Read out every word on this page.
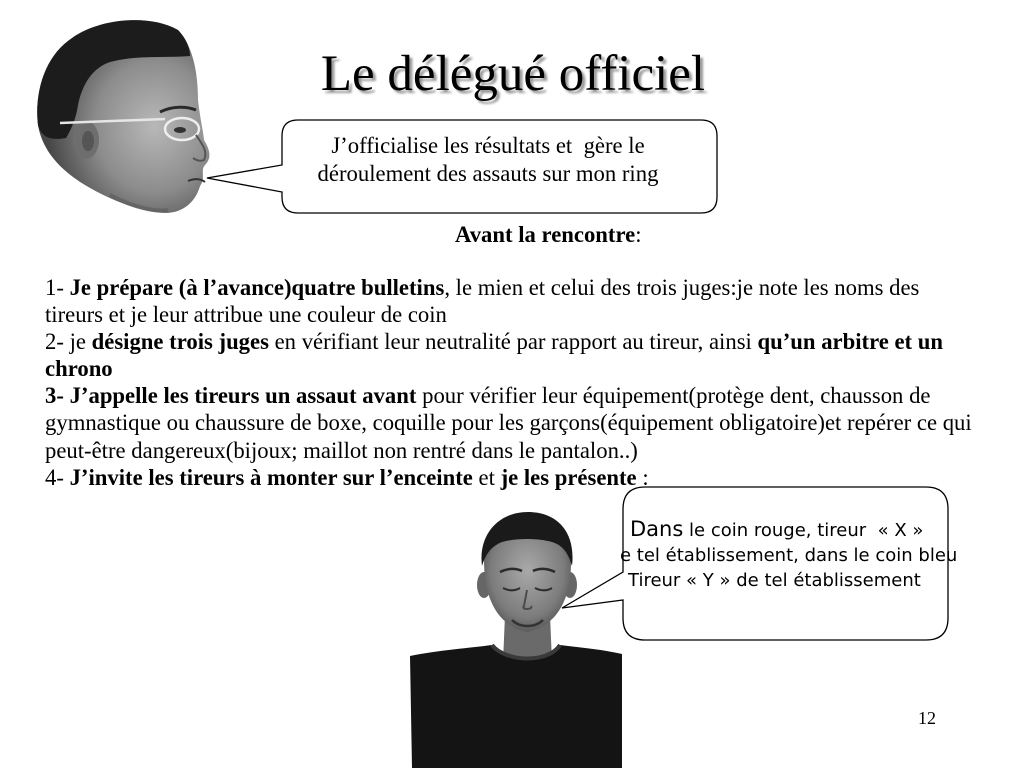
Le délégué officiel
J’officialise les résultats et  gère le
déroulement des assauts sur mon ring
Avant la rencontre:
1- Je prépare (à l’avance)quatre bulletins, le mien et celui des trois juges:je note les noms des
tireurs et je leur attribue une couleur de coin
2- je désigne trois juges en vérifiant leur neutralité par rapport au tireur, ainsi qu’un arbitre et un
chrono
3- J’appelle les tireurs un assaut avant pour vérifier leur équipement(protège dent, chausson de
gymnastique ou chaussure de boxe, coquille pour les garçons(équipement obligatoire)et repérer ce qui
peut-être dangereux(bijoux; maillot non rentré dans le pantalon..)
4- J’invite les tireurs à monter sur l’enceinte et je les présente :
Dans le coin rouge, tireur  « X »
e tel établissement, dans le coin bleu
Tireur « Y » de tel établissement
12
